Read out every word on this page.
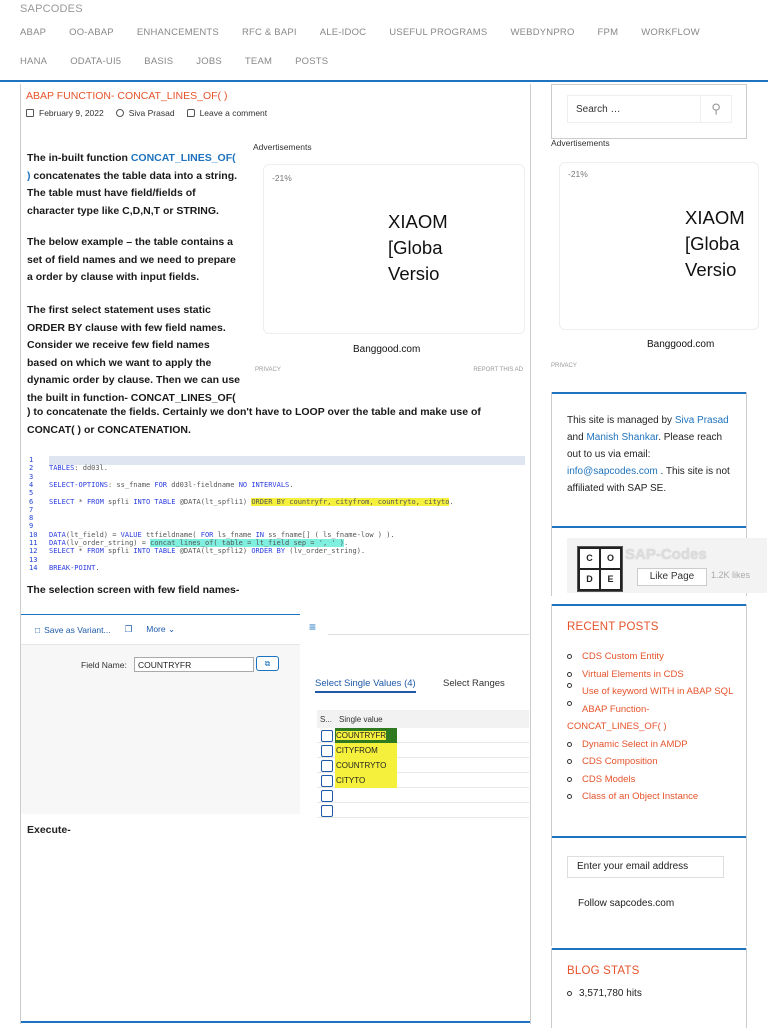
SAPCODES
ABAP OO-ABAP ENHANCEMENTS RFC & BAPI ALE-IDOC USEFUL PROGRAMS WEBDYNPRO FPM WORKFLOW
HANA ODATA-UI5 BASIS JOBS TEAM POSTS
ABAP FUNCTION- CONCAT_LINES_OF( )
February 9, 2022	Siva Prasad	Leave a comment
The in-built function CONCAT_LINES_OF(
) concatenates the table data into a string. The table must have field/fields of character type like C,D,N,T or STRING.
The below example – the table contains a set of field names and we need to prepare a order by clause with input fields.
The first select statement uses static ORDER BY clause with few field names. Consider we receive few field names based on which we want to apply the dynamic order by clause. Then we can use the built in function- CONCAT_LINES_OF(
) to concatenate the fields. Certainly we don't have to LOOP over the table and make use of CONCAT( ) or CONCATENATION.
Advertisements
-21%
XIAOM
[Globa
Versio
Banggood.com
PRIVACY	REPORT THIS AD
1
2 TABLES: dd03l.
3
4 SELECT-OPTIONS: ss_fname FOR dd03l-fieldname NO INTERVALS.
5
6 SELECT * FROM spfli INTO TABLE @DATA(lt_spfli1) ORDER BY countryfr, cityfrom, countryto, cityto.
7
8
9
10 DATA(lt_field) = VALUE ttfieldname( FOR ls_fname IN ss_fname[] ( ls_fname-low ) ).
11 DATA(lv_order_string) = concat_lines_of( table = lt_field sep = ', ' ).
12 SELECT * FROM spfli INTO TABLE @DATA(lt_spfli2) ORDER BY (lv_order_string).
13
14 BREAK-POINT.
The selection screen with few field names-
□ Save as Variant... ❐ More ⌄
Field Name:	COUNTRYFR	⧉
≡
Select Single Values (4)	Select Ranges
S... Single value
COUNTRYFR
CITYFROM
COUNTRYTO
CITYTO
Execute-
Search …	⚲
Advertisements
-21%
XIAOM
[Globa
Versio
Banggood.com
PRIVACY
This site is managed by Siva Prasad and Manish Shankar. Please reach out to us via email: info@sapcodes.com . This site is not affiliated with SAP SE.
C	O
D	E
SAP-Codes
Like Page	1.2K likes
RECENT POSTS
CDS Custom Entity
Virtual Elements in CDS
Use of keyword WITH in ABAP SQL
ABAP Function- CONCAT_LINES_OF( )
Dynamic Select in AMDP
CDS Composition
CDS Models
Class of an Object Instance
Enter your email address
Follow sapcodes.com
BLOG STATS
3,571,780 hits
